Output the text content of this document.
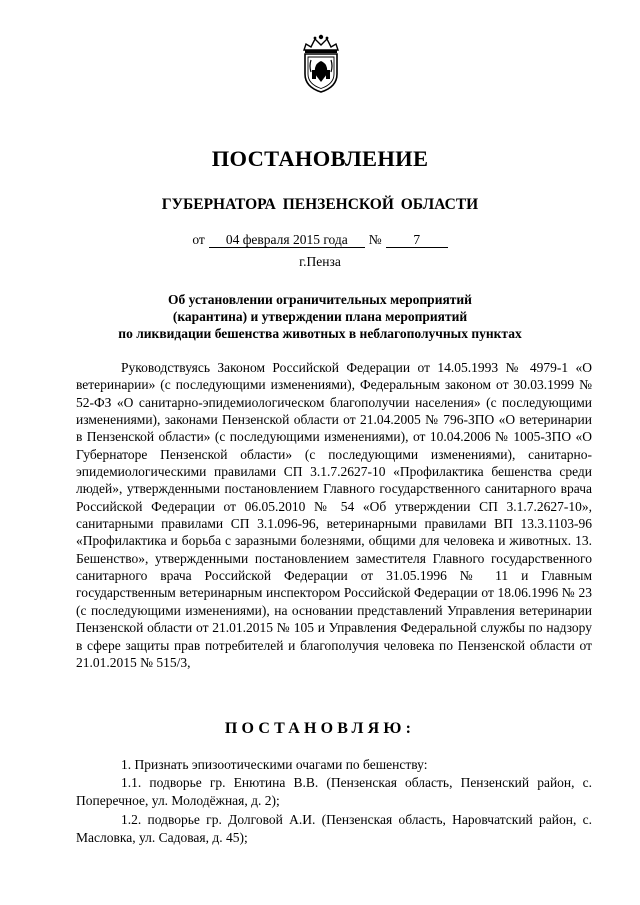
ПОСТАНОВЛЕНИЕ
ГУБЕРНАТОРА ПЕНЗЕНСКОЙ ОБЛАСТИ
от 04 февраля 2015 года № 7
г.Пенза
Об установлении ограничительных мероприятий
(карантина) и утверждении плана мероприятий
по ликвидации бешенства животных в неблагополучных пунктах

Руководствуясь Законом Российской Федерации от 14.05.1993 № 4979-1 «О ветеринарии» (с последующими изменениями), Федеральным законом от 30.03.1999 № 52-ФЗ «О санитарно-эпидемиологическом благополучии населения» (с последующими изменениями), законами Пензенской области от 21.04.2005 № 796-ЗПО «О ветеринарии в Пензенской области» (с последующими изменениями), от 10.04.2006 № 1005-ЗПО «О Губернаторе Пензенской области» (с последующими изменениями), санитарно-эпидемиологическими правилами СП 3.1.7.2627-10 «Профилактика бешенства среди людей», утвержденными постановлением Главного государственного санитарного врача Российской Федерации от 06.05.2010 № 54 «Об утверждении СП 3.1.7.2627-10», санитарными правилами СП 3.1.096-96, ветеринарными правилами ВП 13.3.1103-96 «Профилактика и борьба с заразными болезнями, общими для человека и животных. 13. Бешенство», утвержденными постановлением заместителя Главного государственного санитарного врача Российской Федерации от 31.05.1996 № 11 и Главным государственным ветеринарным инспектором Российской Федерации от 18.06.1996 № 23 (с последующими изменениями), на основании представлений Управления ветеринарии Пензенской области от 21.01.2015 № 105 и Управления Федеральной службы по надзору в сфере защиты прав потребителей и благополучия человека по Пензенской области от 21.01.2015 № 515/3,

ПОСТАНОВЛЯЮ:

1. Признать эпизоотическими очагами по бешенству:

1.1. подворье гр. Енютина В.В. (Пензенская область, Пензенский район, с. Поперечное, ул. Молодёжная, д. 2);

1.2. подворье гр. Долговой А.И. (Пензенская область, Наровчатский район, с. Масловка, ул. Садовая, д. 45);
